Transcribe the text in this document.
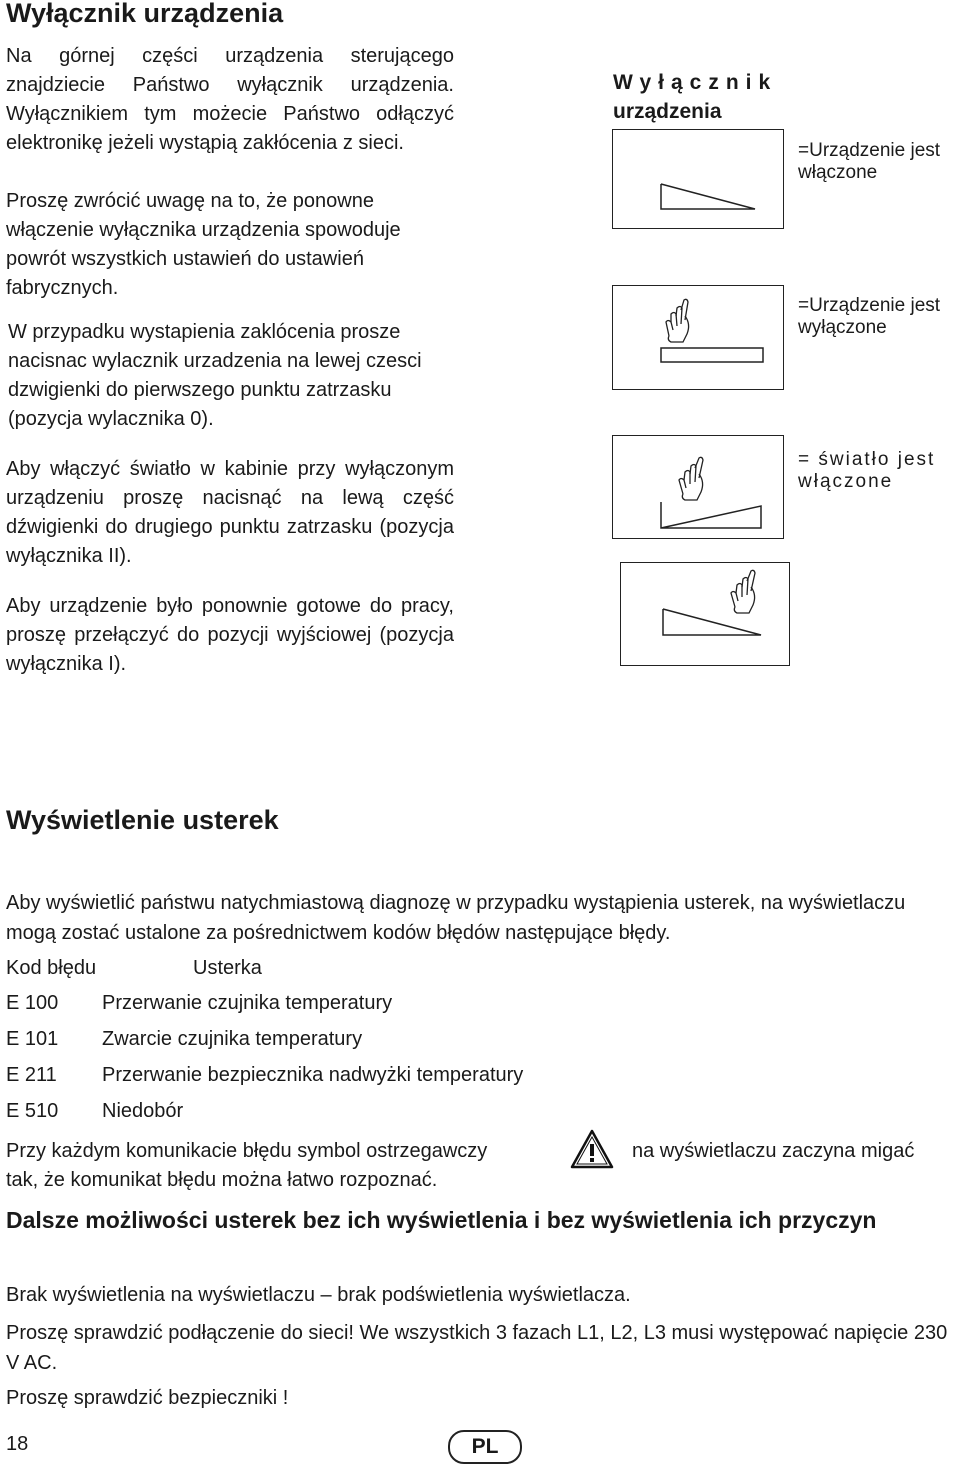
Wyłącznik urządzenia

Na górnej części urządzenia sterującego znajdziecie Państwo wyłącznik urządzenia. Wyłącznikiem tym możecie Państwo odłączyć elektronikę jeżeli wystąpią zakłócenia z sieci.

Proszę zwrócić uwagę na to, że ponowne włączenie wyłącznika urządzenia spowoduje powrót wszystkich ustawień do ustawień fabrycznych.

W przypadku wystapienia zaklócenia prosze nacisnac wylacznik urzadzenia na lewej czesci dzwigienki do pierwszego punktu zatrzasku (pozycja wylacznika 0).

Aby włączyć światło w kabinie przy wyłączonym urządzeniu proszę nacisnąć na lewą część dźwigienki do drugiego punktu zatrzasku (pozycja wyłącznika II).

Aby urządzenie było ponownie gotowe do pracy, proszę przełączyć do pozycji wyjściowej (pozycja wyłącznika I).

Wyłącznik
urządzenia
=Urządzenie jest włączone
=Urządzenie jest wyłączone
= światło jest włączone
Wyświetlenie usterek

Aby wyświetlić państwu natychmiastową diagnozę w przypadku wystąpienia usterek, na wyświetlaczu mogą zostać ustalone za pośrednictwem kodów błędów następujące błędy.

Kod błędu	Usterka
E 100 Przerwanie czujnika temperatury
E 101 Zwarcie czujnika temperatury
E 211 Przerwanie bezpiecznika nadwyżki temperatury
E 510 Niedobór
Przy każdym komunikacie błędu symbol ostrzegawczy	na wyświetlaczu zaczyna migać
tak, że komunikat błędu można łatwo rozpoznać.
Dalsze możliwości usterek bez ich wyświetlenia i bez wyświetlenia ich przyczyn

Brak wyświetlenia na wyświetlaczu – brak podświetlenia wyświetlacza.

Proszę sprawdzić podłączenie do sieci! We wszystkich 3 fazach L1, L2, L3 musi występować napięcie 230 V AC.

Proszę sprawdzić bezpieczniki !

18	PL
